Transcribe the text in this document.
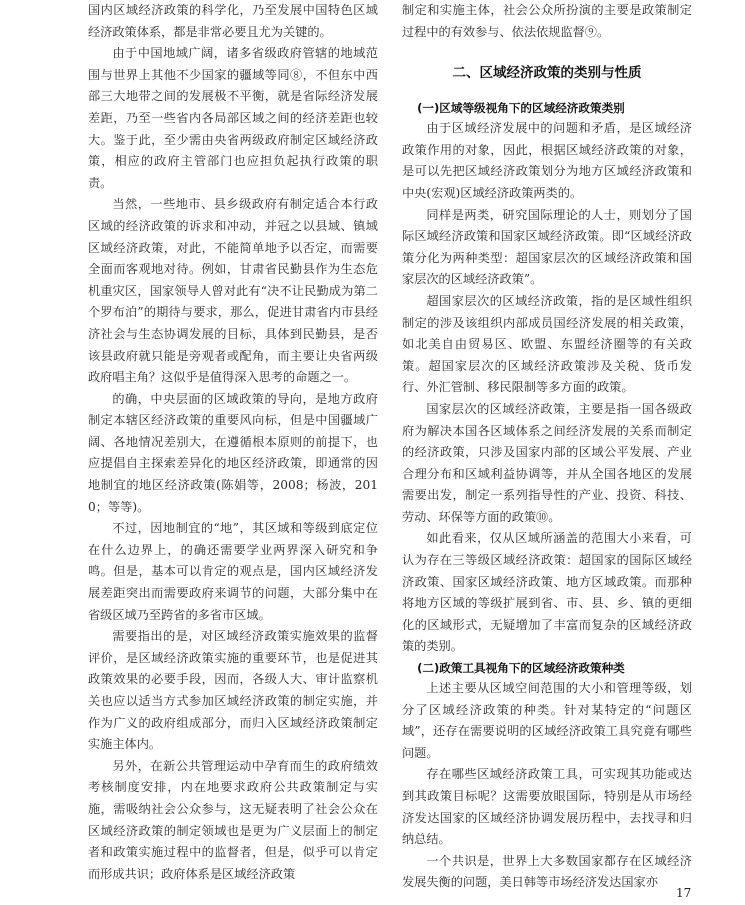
国内区域经济政策的科学化，乃至发展中国特色区域经济政策体系，都是非常必要且尤为关键的。

由于中国地域广阔，诸多省级政府管辖的地域范围与世界上其他不少国家的疆域等同⑧，不但东中西部三大地带之间的发展极不平衡，就是省际经济发展差距，乃至一些省内各局部区域之间的经济差距也较大。鉴于此，至少需由央省两级政府制定区域经济政策，相应的政府主管部门也应担负起执行政策的职责。

当然，一些地市、县乡级政府有制定适合本行政区域的经济政策的诉求和冲动，并冠之以县域、镇域区域经济政策，对此，不能简单地予以否定，而需要全面而客观地对待。例如，甘肃省民勤县作为生态危机重灾区，国家领导人曾对此有“决不让民勤成为第二个罗布泊”的期待与要求，那么，促进甘肃省内市县经济社会与生态协调发展的目标，具体到民勤县，是否该县政府就只能是旁观者或配角，而主要让央省两级政府唱主角？这似乎是值得深入思考的命题之一。

的确，中央层面的区域政策的导向，是地方政府制定本辖区经济政策的重要风向标，但是中国疆域广阔、各地情况差别大，在遵循根本原则的前提下，也应提倡自主探索差异化的地区经济政策，即通常的因地制宜的地区经济政策(陈娟等，2008；杨波，2010；等等)。

不过，因地制宜的“地”，其区域和等级到底定位在什么边界上，的确还需要学业两界深入研究和争鸣。但是，基本可以肯定的观点是，国内区域经济发展差距突出而需要政府来调节的问题，大部分集中在省级区域乃至跨省的多省市区域。

需要指出的是，对区域经济政策实施效果的监督评价，是区域经济政策实施的重要环节，也是促进其政策效果的必要手段，因而，各级人大、审计监察机关也应以适当方式参加区域经济政策的制定实施，并作为广义的政府组成部分，而归入区域经济政策制定实施主体内。

另外，在新公共管理运动中孕育而生的政府绩效考核制度安排，内在地要求政府公共政策制定与实施，需吸纳社会公众参与，这无疑表明了社会公众在区域经济政策的制定领域也是更为广义层面上的制定者和政策实施过程中的监督者，但是，似乎可以肯定而形成共识；政府体系是区域经济政策

制定和实施主体，社会公众所扮演的主要是政策制定过程中的有效参与、依法依规监督⑨。

二、区域经济政策的类别与性质
(一)区域等级视角下的区域经济政策类别

由于区域经济发展中的问题和矛盾，是区域经济政策作用的对象，因此，根据区域经济政策的对象，是可以先把区域经济政策划分为地方区域经济政策和中央(宏观)区域经济政策两类的。

同样是两类，研究国际理论的人士，则划分了国际区域经济政策和国家区域经济政策。即“区域经济政策分化为两种类型：超国家层次的区域经济政策和国家层次的区域经济政策”。

超国家层次的区域经济政策，指的是区域性组织制定的涉及该组织内部成员国经济发展的相关政策，如北美自由贸易区、欧盟、东盟经济圈等的有关政策。超国家层次的区域经济政策涉及关税、货币发行、外汇管制、移民限制等多方面的政策。

国家层次的区域经济政策，主要是指一国各级政府为解决本国各区域体系之间经济发展的关系而制定的经济政策，只涉及国家内部的区域公平发展、产业合理分布和区域利益协调等，并从全国各地区的发展需要出发，制定一系列指导性的产业、投资、科技、劳动、环保等方面的政策⑩。

如此看来，仅从区域所涵盖的范围大小来看，可认为存在三等级区域经济政策：超国家的国际区域经济政策、国家区域经济政策、地方区域政策。而那种将地方区域的等级扩展到省、市、县、乡、镇的更细化的区域形式，无疑增加了丰富而复杂的区域经济政策的类别。

(二)政策工具视角下的区域经济政策种类

上述主要从区域空间范围的大小和管理等级，划分了区域经济政策的种类。针对某特定的“问题区域”，还存在需要说明的区域经济政策工具究竟有哪些问题。

存在哪些区域经济政策工具，可实现其功能或达到其政策目标呢？这需要放眼国际，特别是从市场经济发达国家的区域经济协调发展历程中，去找寻和归纳总结。

一个共识是，世界上大多数国家都存在区域经济发展失衡的问题，美日韩等市场经济发达国家亦

17
